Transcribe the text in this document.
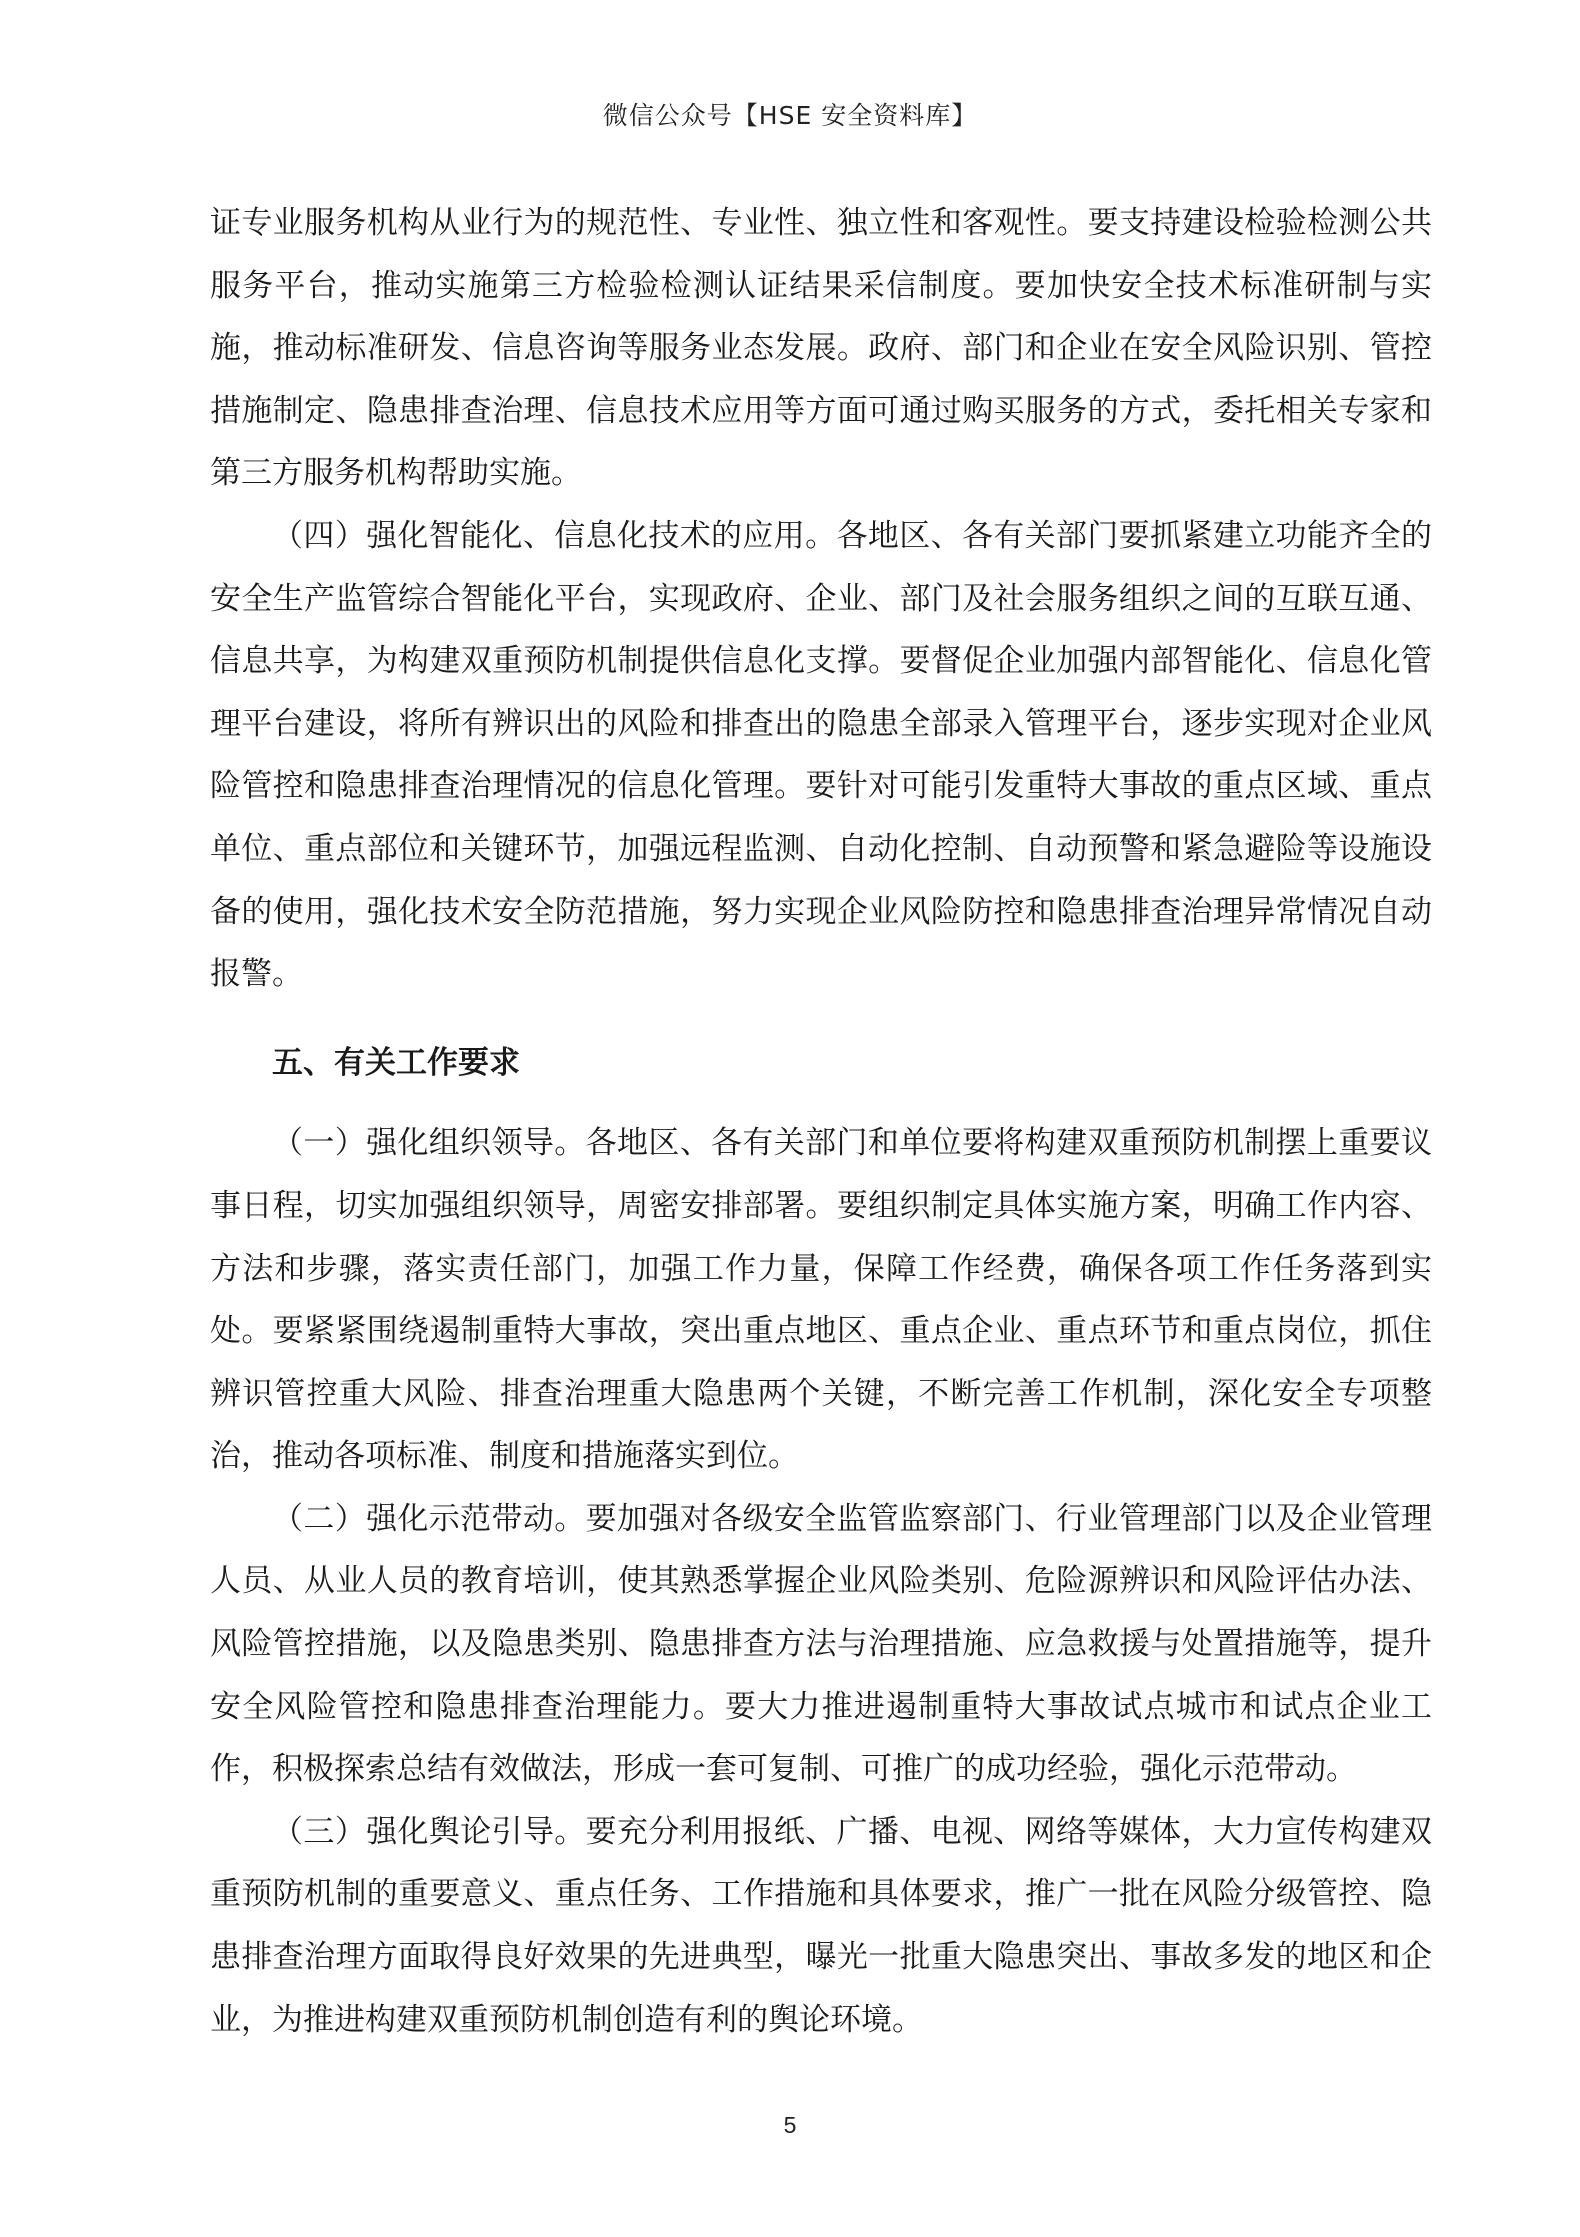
微信公众号【HSE 安全资料库】

证专业服务机构从业行为的规范性、专业性、独立性和客观性。要支持建设检验检测公共服务平台，推动实施第三方检验检测认证结果采信制度。要加快安全技术标准研制与实施，推动标准研发、信息咨询等服务业态发展。政府、部门和企业在安全风险识别、管控措施制定、隐患排查治理、信息技术应用等方面可通过购买服务的方式，委托相关专家和第三方服务机构帮助实施。

（四）强化智能化、信息化技术的应用。各地区、各有关部门要抓紧建立功能齐全的安全生产监管综合智能化平台，实现政府、企业、部门及社会服务组织之间的互联互通、信息共享，为构建双重预防机制提供信息化支撑。要督促企业加强内部智能化、信息化管理平台建设，将所有辨识出的风险和排查出的隐患全部录入管理平台，逐步实现对企业风险管控和隐患排查治理情况的信息化管理。要针对可能引发重特大事故的重点区域、重点单位、重点部位和关键环节，加强远程监测、自动化控制、自动预警和紧急避险等设施设备的使用，强化技术安全防范措施，努力实现企业风险防控和隐患排查治理异常情况自动报警。

五、有关工作要求

（一）强化组织领导。各地区、各有关部门和单位要将构建双重预防机制摆上重要议事日程，切实加强组织领导，周密安排部署。要组织制定具体实施方案，明确工作内容、方法和步骤，落实责任部门，加强工作力量，保障工作经费，确保各项工作任务落到实处。要紧紧围绕遏制重特大事故，突出重点地区、重点企业、重点环节和重点岗位，抓住辨识管控重大风险、排查治理重大隐患两个关键，不断完善工作机制，深化安全专项整治，推动各项标准、制度和措施落实到位。

（二）强化示范带动。要加强对各级安全监管监察部门、行业管理部门以及企业管理人员、从业人员的教育培训，使其熟悉掌握企业风险类别、危险源辨识和风险评估办法、风险管控措施，以及隐患类别、隐患排查方法与治理措施、应急救援与处置措施等，提升安全风险管控和隐患排查治理能力。要大力推进遏制重特大事故试点城市和试点企业工作，积极探索总结有效做法，形成一套可复制、可推广的成功经验，强化示范带动。

（三）强化舆论引导。要充分利用报纸、广播、电视、网络等媒体，大力宣传构建双重预防机制的重要意义、重点任务、工作措施和具体要求，推广一批在风险分级管控、隐患排查治理方面取得良好效果的先进典型，曝光一批重大隐患突出、事故多发的地区和企业，为推进构建双重预防机制创造有利的舆论环境。

5
